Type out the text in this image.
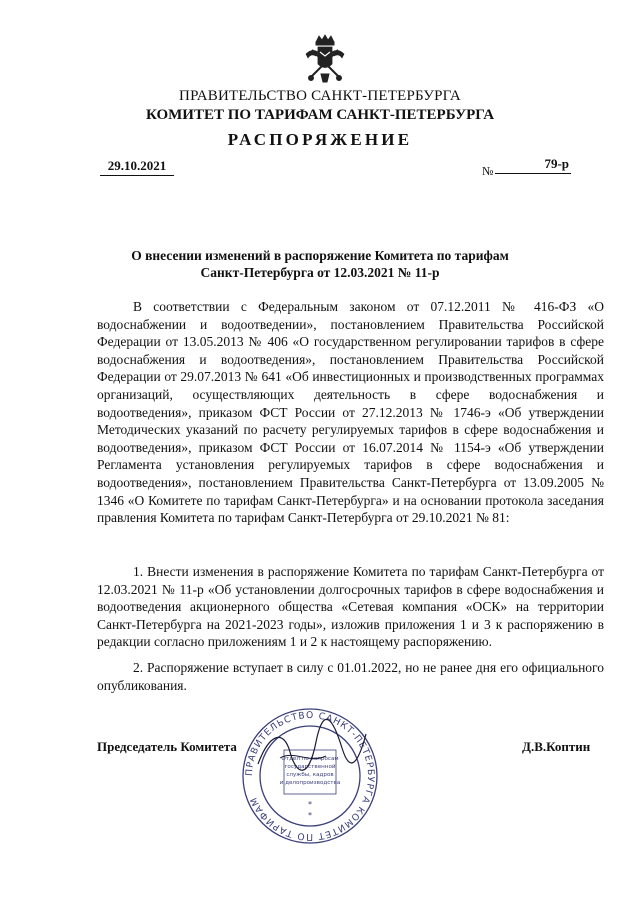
ПРАВИТЕЛЬСТВО САНКТ-ПЕТЕРБУРГА
КОМИТЕТ ПО ТАРИФАМ САНКТ-ПЕТЕРБУРГА
РАСПОРЯЖЕНИЕ
29.10.2021	№	79-р
О внесении изменений в распоряжение Комитета по тарифам
Санкт-Петербурга от 12.03.2021 № 11-р
В соответствии с Федеральным законом от 07.12.2011 № 416-ФЗ «О водоснабжении и водоотведении», постановлением Правительства Российской Федерации от 13.05.2013 № 406 «О государственном регулировании тарифов в сфере водоснабжения и водоотведения», постановлением Правительства Российской Федерации от 29.07.2013 № 641 «Об инвестиционных и производственных программах организаций, осуществляющих деятельность в сфере водоснабжения и водоотведения», приказом ФСТ России от 27.12.2013 № 1746-э «Об утверждении Методических указаний по расчету регулируемых тарифов в сфере водоснабжения и водоотведения», приказом ФСТ России от 16.07.2014 № 1154-э «Об утверждении Регламента установления регулируемых тарифов в сфере водоснабжения и водоотведения», постановлением Правительства Санкт-Петербурга от 13.09.2005 № 1346 «О Комитете по тарифам Санкт-Петербурга» и на основании протокола заседания правления Комитета по тарифам Санкт-Петербурга от 29.10.2021 № 81:
1. Внести изменения в распоряжение Комитета по тарифам Санкт-Петербурга от 12.03.2021 № 11-р «Об установлении долгосрочных тарифов в сфере водоснабжения и водоотведения акционерного общества «Сетевая компания «ОСК» на территории Санкт-Петербурга на 2021-2023 годы», изложив приложения 1 и 3 к распоряжению в редакции согласно приложениям 1 и 2 к настоящему распоряжению.
2. Распоряжение вступает в силу с 01.01.2022, но не ранее дня его официального опубликования.
ПРАВИТЕЛЬСТВО САНКТ-ПЕТЕРБУРГА КОМИТЕТ ПО ТАРИФАМ
Отдел по вопросам
государственной
службы, кадров
и делопроизводства
*
*
Председатель Комитета	Д.В.Коптин
